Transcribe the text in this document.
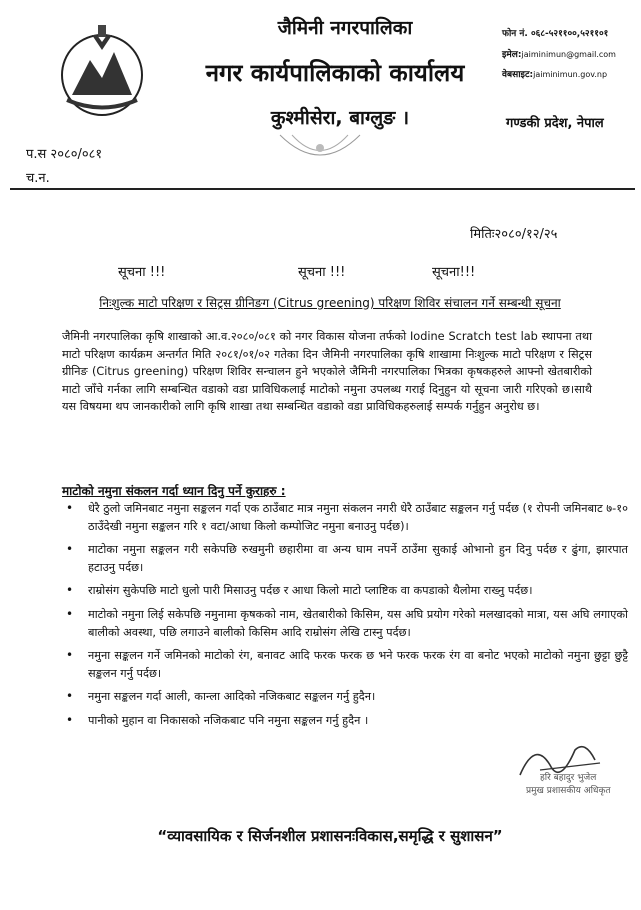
जैमिनी नगरपालिका
नगर कार्यपालिकाको कार्यालय
कुश्मीसेरा, बाग्लुङ ।
फोन नं. ०६८-५२११००,५२११०१
इमेल:jaiminimun@gmail.com
वेबसाइट:jaiminimun.gov.np
गण्डकी प्रदेश, नेपाल
प.स २०८०/०८१
च.न.
मितिः२०८०/१२/२५
सूचना !!!	सूचना !!!	सूचना!!!
निःशुल्क माटो परिक्षण र सिट्रस ग्रीनिङग (Citrus greening) परिक्षण शिविर संचालन गर्ने सम्बन्धी सूचना
जैमिनी नगरपालिका कृषि शाखाको आ.व.२०८०/०८१ को नगर विकास योजना तर्फको Iodine Scratch test lab स्थापना तथा माटो परिक्षण कार्यक्रम अन्तर्गत मिति २०८१/०१/०२ गतेका दिन जैमिनी नगरपालिका कृषि शाखामा निःशुल्क माटो परिक्षण र सिट्रस ग्रीनिङ (Citrus greening) परिक्षण शिविर सन्चालन हुने भएकोले जैमिनी नगरपालिका भित्रका कृषकहरुले आफ्नो खेतबारीको माटो जाँचे गर्नका लागि सम्बन्धित वडाको वडा प्राविधिकलाई माटोको नमुना उपलब्ध गराई दिनुहुन यो सूचना जारी गरिएको छ।साथै यस विषयमा थप जानकारीको लागि कृषि शाखा तथा सम्बन्धित वडाको वडा प्राविधिकहरुलाई सम्पर्क गर्नुहुन अनुरोध छ।
माटोको नमुना संकलन गर्दा ध्यान दिनु पर्ने कुराहरु :
• धेरै ठुलो जमिनबाट नमुना सङ्कलन गर्दा एक ठाउँबाट मात्र नमुना संकलन नगरी धेरै ठाउँबाट सङ्कलन गर्नु पर्दछ (१ रोपनी जमिनबाट ७-१० ठाउँदेखी नमुना सङ्कलन गरि १ वटा/आधा किलो कम्पोजिट नमुना बनाउनु पर्दछ)।
• माटोका नमुना सङ्कलन गरी सकेपछि रुखमुनी छहारीमा वा अन्य घाम नपर्ने ठाउँमा सुकाई ओभानो हुन दिनु पर्दछ र ढुंगा, झारपात हटाउनु पर्दछ।
• राम्रोसंग सुकेपछि माटो धुलो पारी मिसाउनु पर्दछ र आधा किलो माटो प्लाष्टिक वा कपडाको थैलोमा राख्नु पर्दछ।
• माटोको नमुना लिई सकेपछि नमुनामा कृषकको नाम, खेतबारीको किसिम, यस अघि प्रयोग गरेको मलखादको मात्रा, यस अघि लगाएको बालीको अवस्था, पछि लगाउने बालीको किसिम आदि राम्रोसंग लेखि टास्नु पर्दछ।
• नमुना सङ्कलन गर्ने जमिनको माटोको रंग, बनावट आदि फरक फरक छ भने फरक फरक रंग वा बनोट भएको माटोको नमुना छुट्टा छुट्टै सङ्कलन गर्नु पर्दछ।
• नमुना सङ्कलन गर्दा आली, कान्ला आदिको नजिकबाट सङ्कलन गर्नु हुदैन।
• पानीको मुहान वा निकासको नजिकबाट पनि नमुना सङ्कलन गर्नु हुदैन ।
हरि बहादुर भुजेल
प्रमुख प्रशासकीय अधिकृत
“व्यावसायिक र सिर्जनशील प्रशासनःविकास,समृद्धि र सुशासन”
